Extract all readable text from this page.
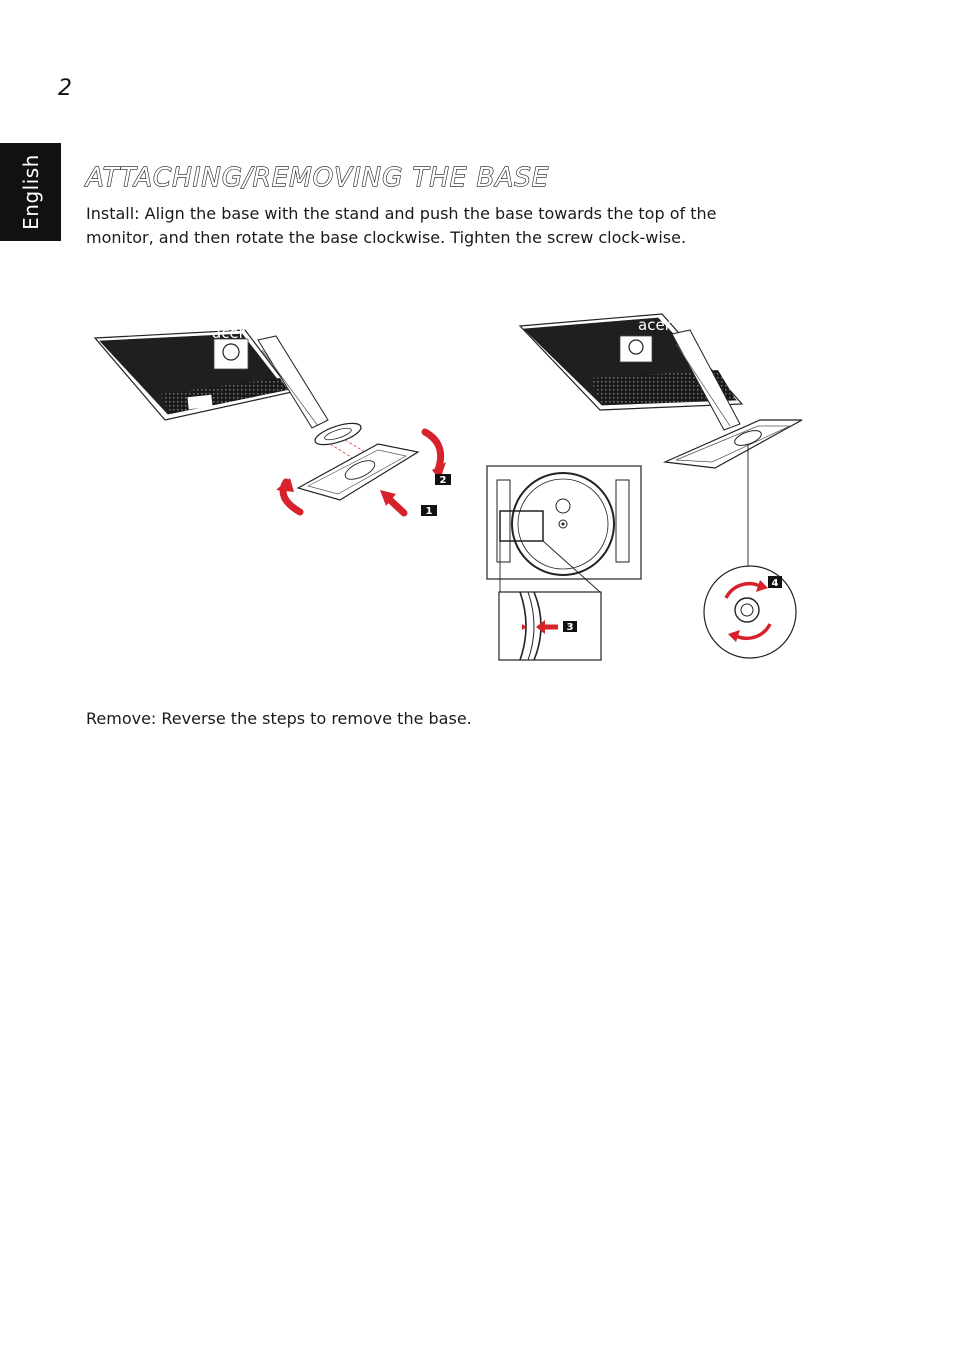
2
English ATTACHING/REMOVING THE BASE

Install: Align the base with the stand and push the base towards the top of the monitor, and then rotate the base clockwise. Tighten the screw clock-wise.

acer
2
1
3
acer
4

Remove: Reverse the steps to remove the base.
